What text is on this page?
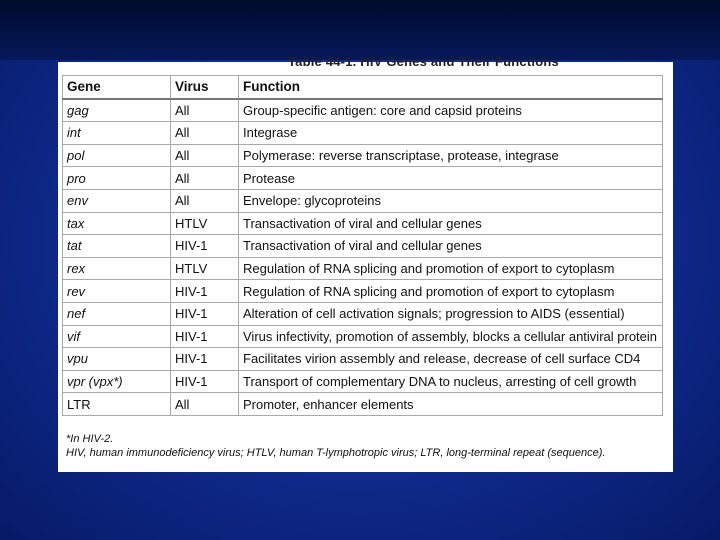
Table 44-1. HIV Genes and Their Functions
Gene	Virus	Function
gag	All	Group-specific antigen: core and capsid proteins
int	All	Integrase
pol	All	Polymerase: reverse transcriptase, protease, integrase
pro	All	Protease
env	All	Envelope: glycoproteins
tax	HTLV	Transactivation of viral and cellular genes
tat	HIV-1	Transactivation of viral and cellular genes
rex	HTLV	Regulation of RNA splicing and promotion of export to cytoplasm
rev	HIV-1	Regulation of RNA splicing and promotion of export to cytoplasm
nef	HIV-1	Alteration of cell activation signals; progression to AIDS (essential)
vif	HIV-1	Virus infectivity, promotion of assembly, blocks a cellular antiviral protein
vpu	HIV-1	Facilitates virion assembly and release, decrease of cell surface CD4
vpr (vpx*)	HIV-1	Transport of complementary DNA to nucleus, arresting of cell growth
LTR	All	Promoter, enhancer elements
*In HIV-2.
HIV, human immunodeficiency virus; HTLV, human T-lymphotropic virus; LTR, long-terminal repeat (sequence).
